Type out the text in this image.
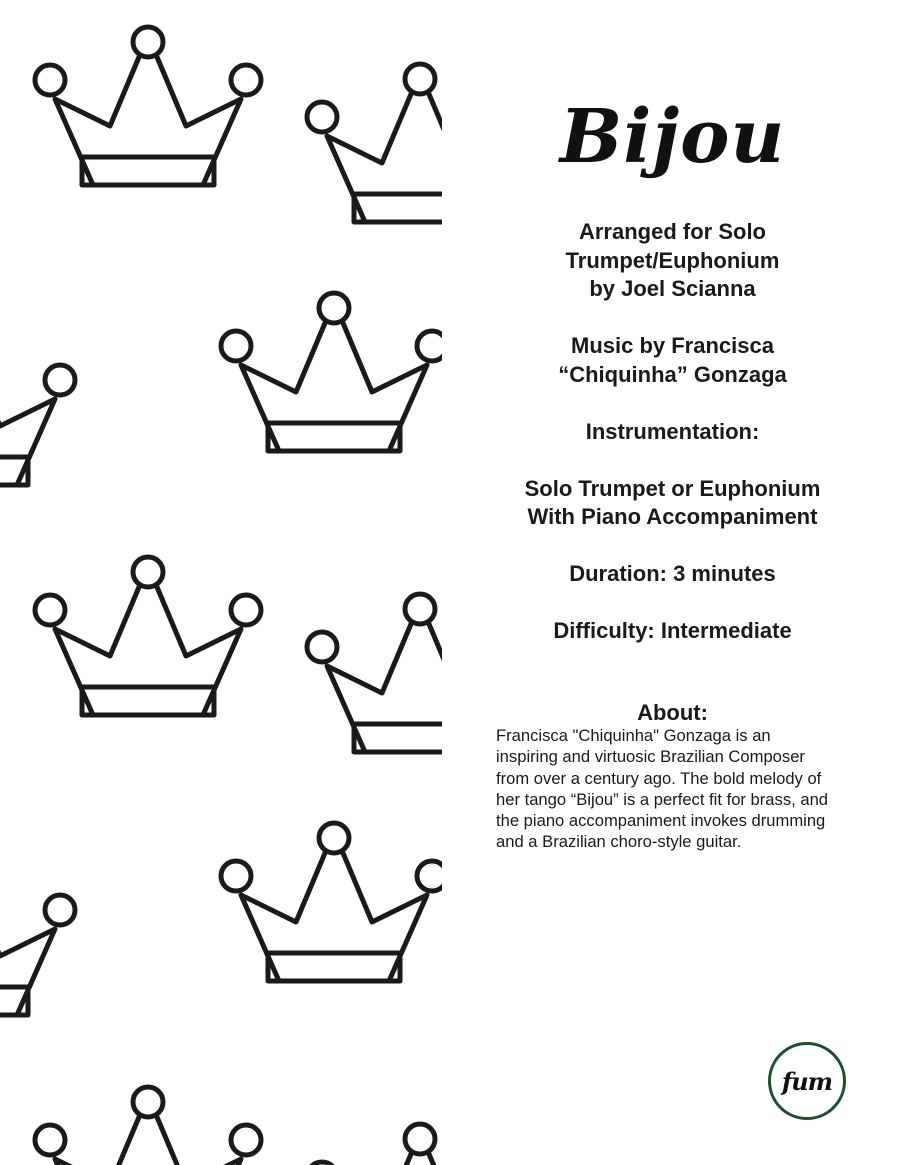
Bijou

Arranged for Solo
Trumpet/Euphonium
by Joel Scianna

Music by Francisca
“Chiquinha” Gonzaga

Instrumentation:

Solo Trumpet or Euphonium
With Piano Accompaniment

Duration: 3 minutes

Difficulty: Intermediate

About:

Francisca "Chiquinha" Gonzaga is an
inspiring and virtuosic Brazilian Composer
from over a century ago. The bold melody of
her tango “Bijou” is a perfect fit for brass, and
the piano accompaniment invokes drumming
and a Brazilian choro-style guitar.

fum
